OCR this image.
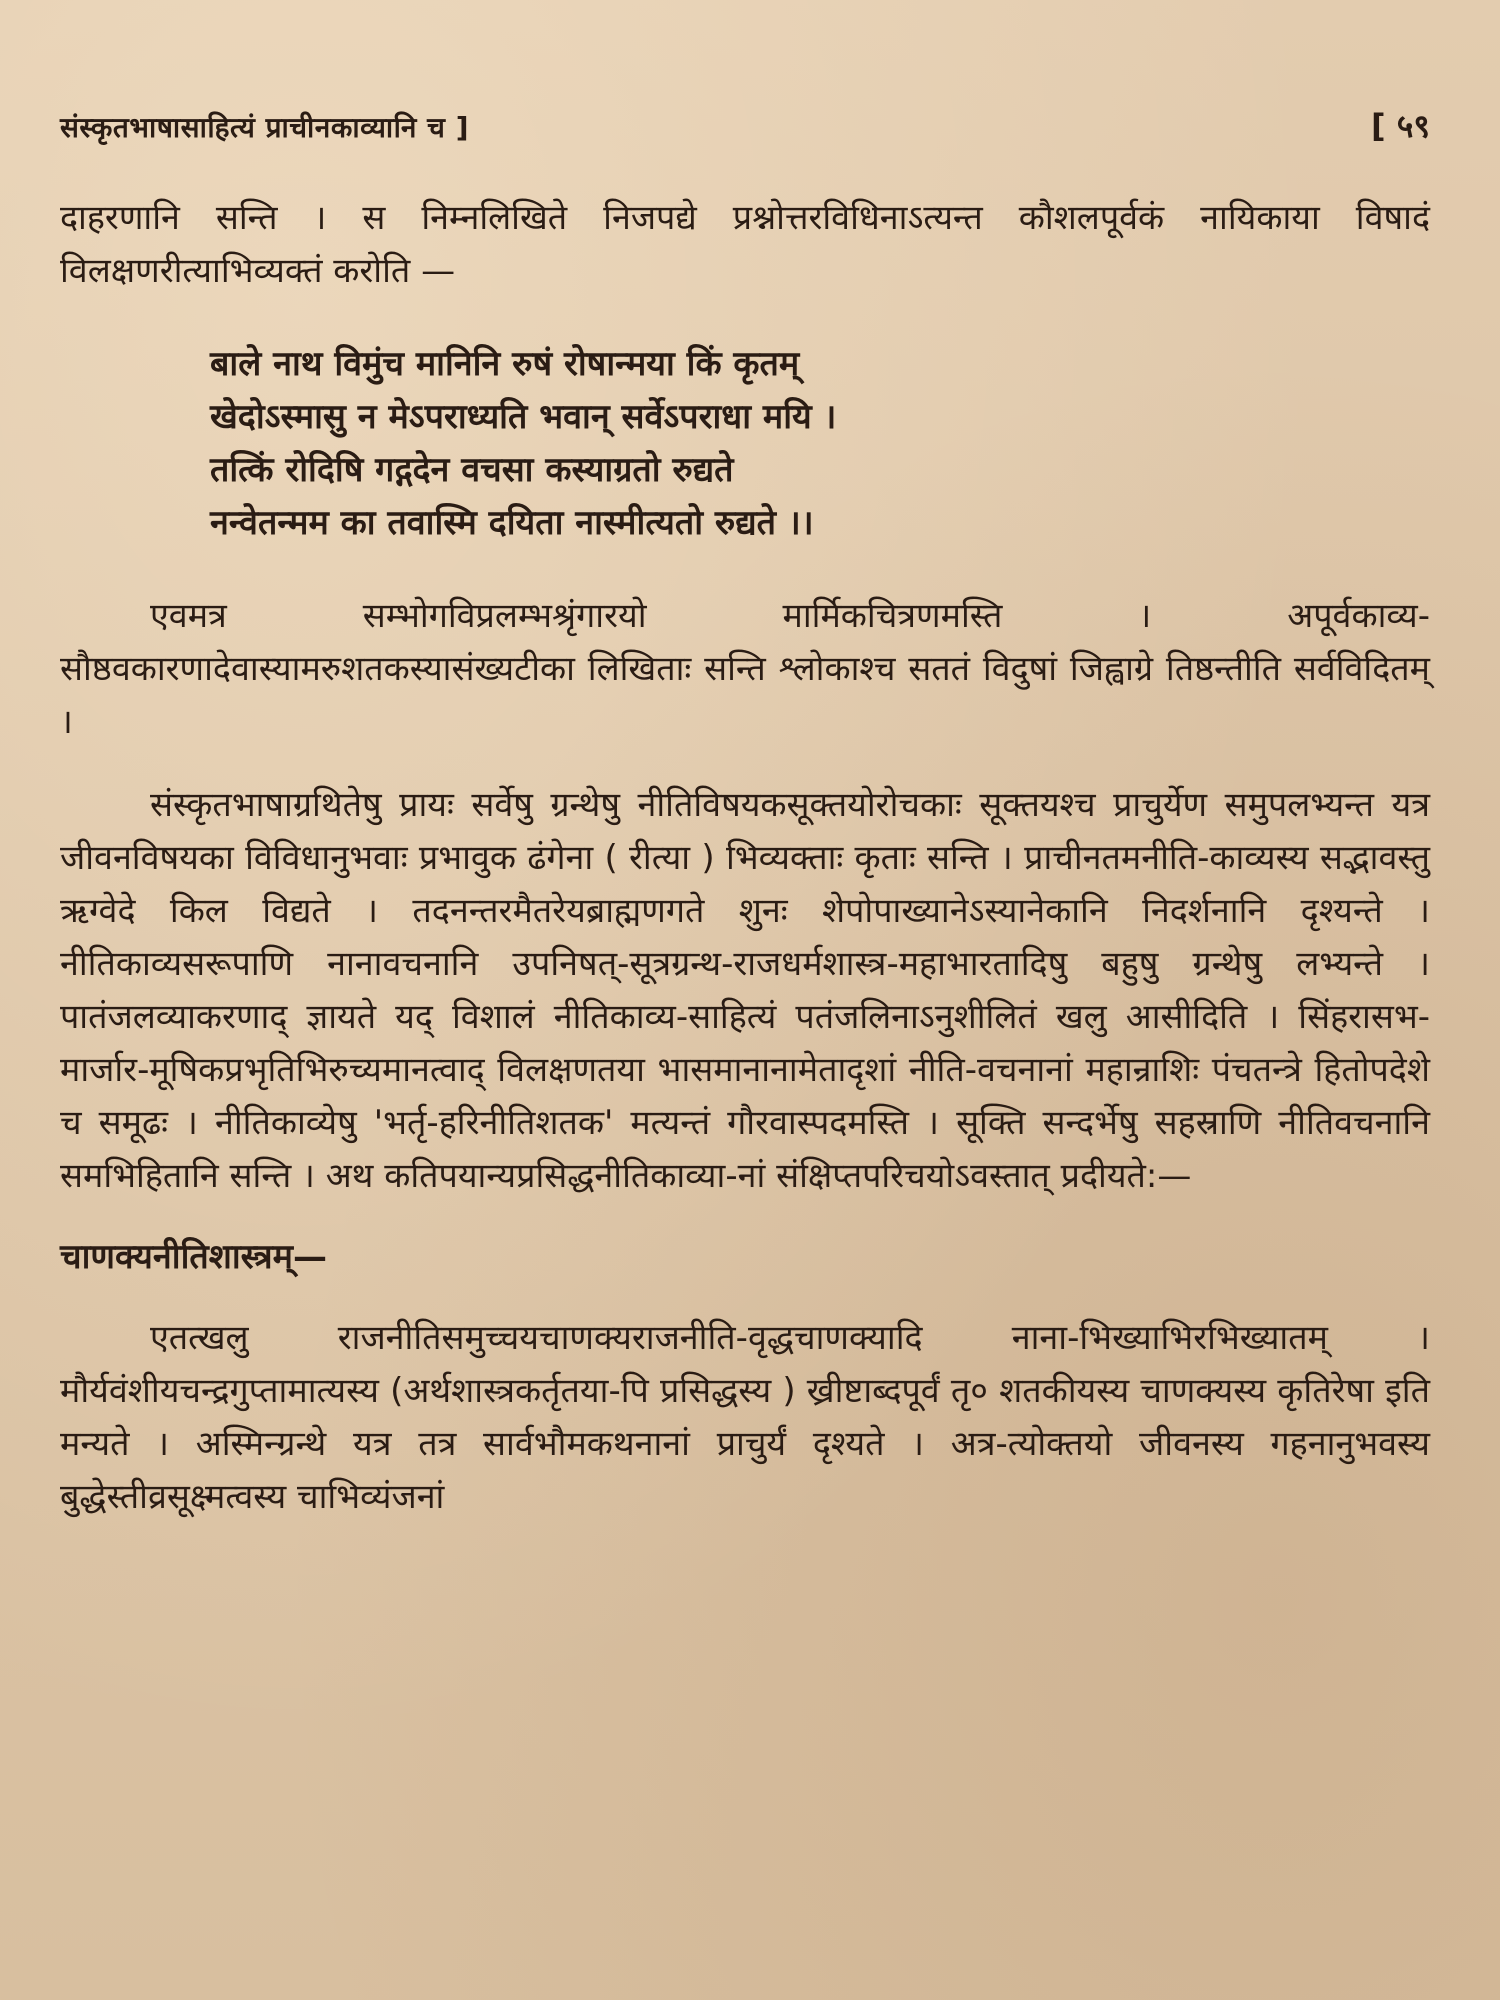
संस्कृतभाषासाहित्यं प्राचीनकाव्यानि च ]	[ ५९

दाहरणानि सन्ति । स निम्नलिखिते निजपद्ये प्रश्नोत्तरविधिनाऽत्यन्त कौशलपूर्वकं नायिकाया विषादं विलक्षणरीत्याभिव्यक्तं करोति —

बाले नाथ विमुंच मानिनि रुषं रोषान्मया किं कृतम्
खेदोऽस्मासु न मेऽपराध्यति भवान् सर्वेऽपराधा मयि ।
तत्किं रोदिषि गद्गदेन वचसा कस्याग्रतो रुद्यते
नन्वेतन्मम का तवास्मि दयिता नास्मीत्यतो रुद्यते ।।

एवमत्र सम्भोगविप्रलम्भश्रृंगारयो मार्मिकचित्रणमस्ति । अपूर्वकाव्य-सौष्ठवकारणादेवास्यामरुशतकस्यासंख्यटीका लिखिताः सन्ति श्लोकाश्च सततं विदुषां जिह्वाग्रे तिष्ठन्तीति सर्वविदितम् ।

संस्कृतभाषाग्रथितेषु प्रायः सर्वेषु ग्रन्थेषु नीतिविषयकसूक्तयोरोचकाः सूक्तयश्च प्राचुर्येण समुपलभ्यन्त यत्र जीवनविषयका विविधानुभवाः प्रभावुक ढंगेना ( रीत्या ) भिव्यक्ताः कृताः सन्ति । प्राचीनतमनीति-काव्यस्य सद्भावस्तु ऋग्वेदे किल विद्यते । तदनन्तरमैतरेयब्राह्मणगते शुनः शेपोपाख्यानेऽस्यानेकानि निदर्शनानि दृश्यन्ते । नीतिकाव्यसरूपाणि नानावचनानि उपनिषत्-सूत्रग्रन्थ-राजधर्मशास्त्र-महाभारतादिषु बहुषु ग्रन्थेषु लभ्यन्ते । पातंजलव्याकरणाद् ज्ञायते यद् विशालं नीतिकाव्य-साहित्यं पतंजलिनाऽनुशीलितं खलु आसीदिति । सिंहरासभ-मार्जार-मूषिकप्रभृतिभिरुच्यमानत्वाद् विलक्षणतया भासमानानामेतादृशां नीति-वचनानां महान्राशिः पंचतन्त्रे हितोपदेशे च समूढः । नीतिकाव्येषु 'भर्तृ-हरिनीतिशतक' मत्यन्तं गौरवास्पदमस्ति । सूक्ति सन्दर्भेषु सहस्राणि नीतिवचनानि समभिहितानि सन्ति । अथ कतिपयान्यप्रसिद्धनीतिकाव्या-नां संक्षिप्तपरिचयोऽवस्तात् प्रदीयते:—

चाणक्यनीतिशास्त्रम्—

एतत्खलु राजनीतिसमुच्चयचाणक्यराजनीति-वृद्धचाणक्यादि नाना-भिख्याभिरभिख्यातम् । मौर्यवंशीयचन्द्रगुप्तामात्यस्य (अर्थशास्त्रकर्तृतया-पि प्रसिद्धस्य ) ख्रीष्टाब्दपूर्वं तृ० शतकीयस्य चाणक्यस्य कृतिरेषा इति मन्यते । अस्मिन्ग्रन्थे यत्र तत्र सार्वभौमकथनानां प्राचुर्यं दृश्यते । अत्र-त्योक्तयो जीवनस्य गहनानुभवस्य बुद्धेस्तीव्रसूक्ष्मत्वस्य चाभिव्यंजनां
